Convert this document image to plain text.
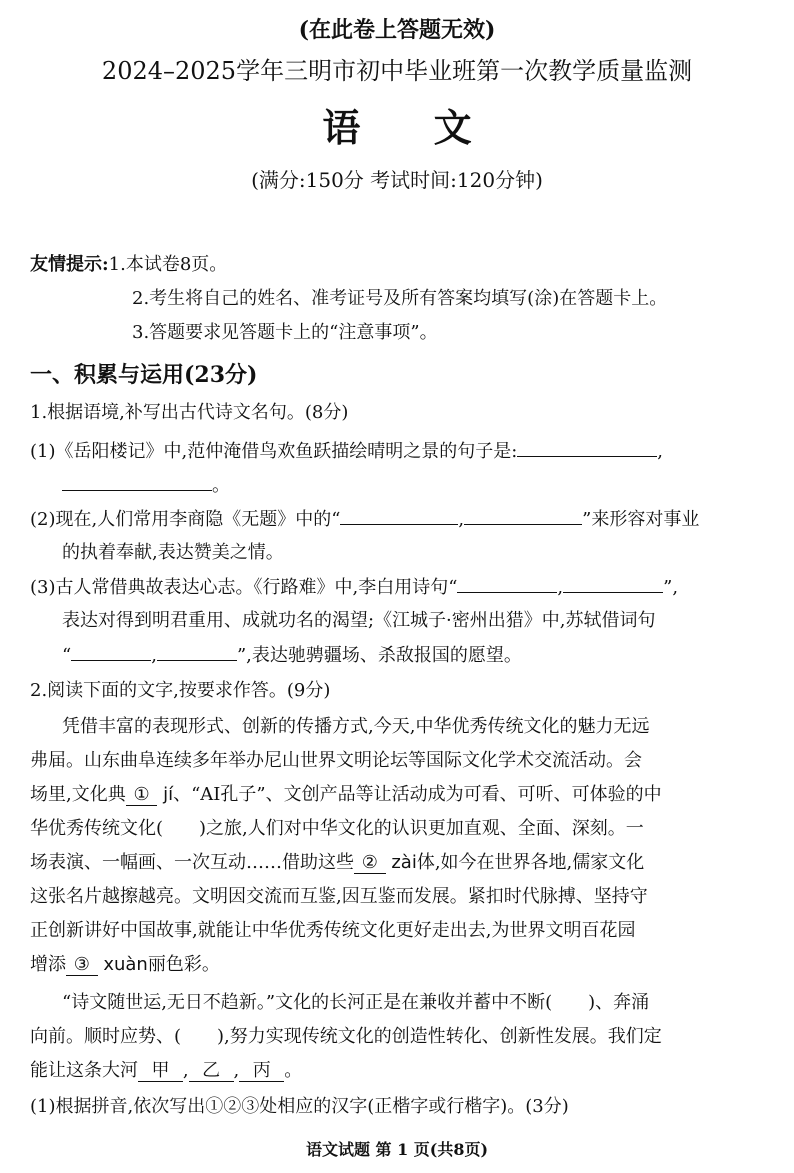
(在此卷上答题无效)
2024–2025学年三明市初中毕业班第一次教学质量监测
语 文
(满分:150分 考试时间:120分钟)
友情提示:1.本试卷8页。
2.考生将自己的姓名、准考证号及所有答案均填写(涂)在答题卡上。
3.答题要求见答题卡上的“注意事项”。
一、积累与运用(23分)
1.根据语境,补写出古代诗文名句。(8分)
(1)《岳阳楼记》中,范仲淹借鸟欢鱼跃描绘晴明之景的句子是:	,
。
(2)现在,人们常用李商隐《无题》中的“	,	”来形容对事业
的执着奉献,表达赞美之情。
(3)古人常借典故表达心志。《行路难》中,李白用诗句“	,	”,
表达对得到明君重用、成就功名的渴望;《江城子·密州出猎》中,苏轼借词句
“	,	”,表达驰骋疆场、杀敌报国的愿望。
2.阅读下面的文字,按要求作答。(9分)
凭借丰富的表现形式、创新的传播方式,今天,中华优秀传统文化的魅力无远
弗届。山东曲阜连续多年举办尼山世界文明论坛等国际文化学术交流活动。会
场里,文化典 ① jí、“AI孔子”、文创产品等让活动成为可看、可听、可体验的中
华优秀传统文化(　　)之旅,人们对中华文化的认识更加直观、全面、深刻。一
场表演、一幅画、一次互动……借助这些 ② zài体,如今在世界各地,儒家文化
这张名片越擦越亮。文明因交流而互鉴,因互鉴而发展。紧扣时代脉搏、坚持守
正创新讲好中国故事,就能让中华优秀传统文化更好走出去,为世界文明百花园
增添 ③ xuàn丽色彩。
“诗文随世运,无日不趋新。”文化的长河正是在兼收并蓄中不断(　　)、奔涌
向前。顺时应势、(　　),努力实现传统文化的创造性转化、创新性发展。我们定
能让这条大河 甲 , 乙 , 丙 。
(1)根据拼音,依次写出①②③处相应的汉字(正楷字或行楷字)。(3分)
语文试题 第 1 页(共8页)
